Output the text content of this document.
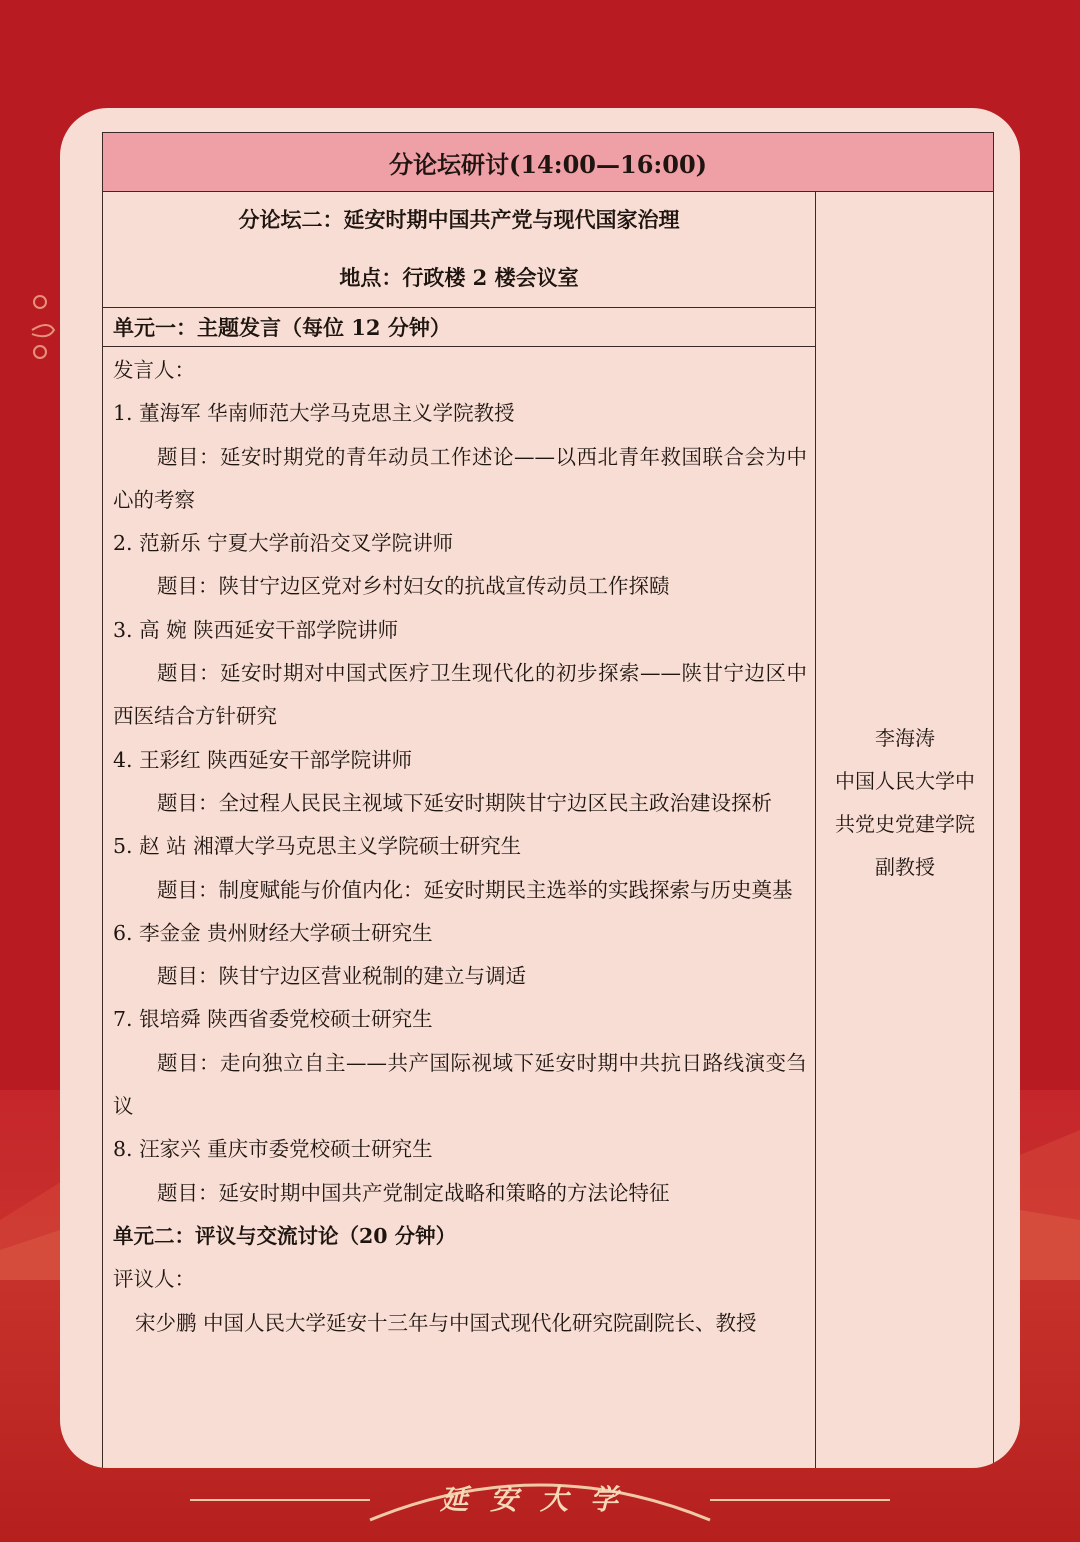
分论坛研讨(14:00—16:00)
分论坛二：延安时期中国共产党与现代国家治理
地点：行政楼 2 楼会议室
单元一：主题发言（每位 12 分钟）
李海涛
中国人民大学中
共党史党建学院
副教授

发言人：

1. 董海军 华南师范大学马克思主义学院教授

题目：延安时期党的青年动员工作述论——以西北青年救国联合会为中心的考察

2. 范新乐 宁夏大学前沿交叉学院讲师

题目：陕甘宁边区党对乡村妇女的抗战宣传动员工作探赜

3. 高 婉 陕西延安干部学院讲师

题目：延安时期对中国式医疗卫生现代化的初步探索——陕甘宁边区中西医结合方针研究

4. 王彩红 陕西延安干部学院讲师

题目：全过程人民民主视域下延安时期陕甘宁边区民主政治建设探析

5. 赵 站 湘潭大学马克思主义学院硕士研究生

题目：制度赋能与价值内化：延安时期民主选举的实践探索与历史奠基

6. 李金金 贵州财经大学硕士研究生

题目：陕甘宁边区营业税制的建立与调适

7. 银培舜 陕西省委党校硕士研究生

题目：走向独立自主——共产国际视域下延安时期中共抗日路线演变刍议

8. 汪家兴 重庆市委党校硕士研究生

题目：延安时期中国共产党制定战略和策略的方法论特征

单元二：评议与交流讨论（20 分钟）

评议人：

宋少鹏 中国人民大学延安十三年与中国式现代化研究院副院长、教授

延安大学
